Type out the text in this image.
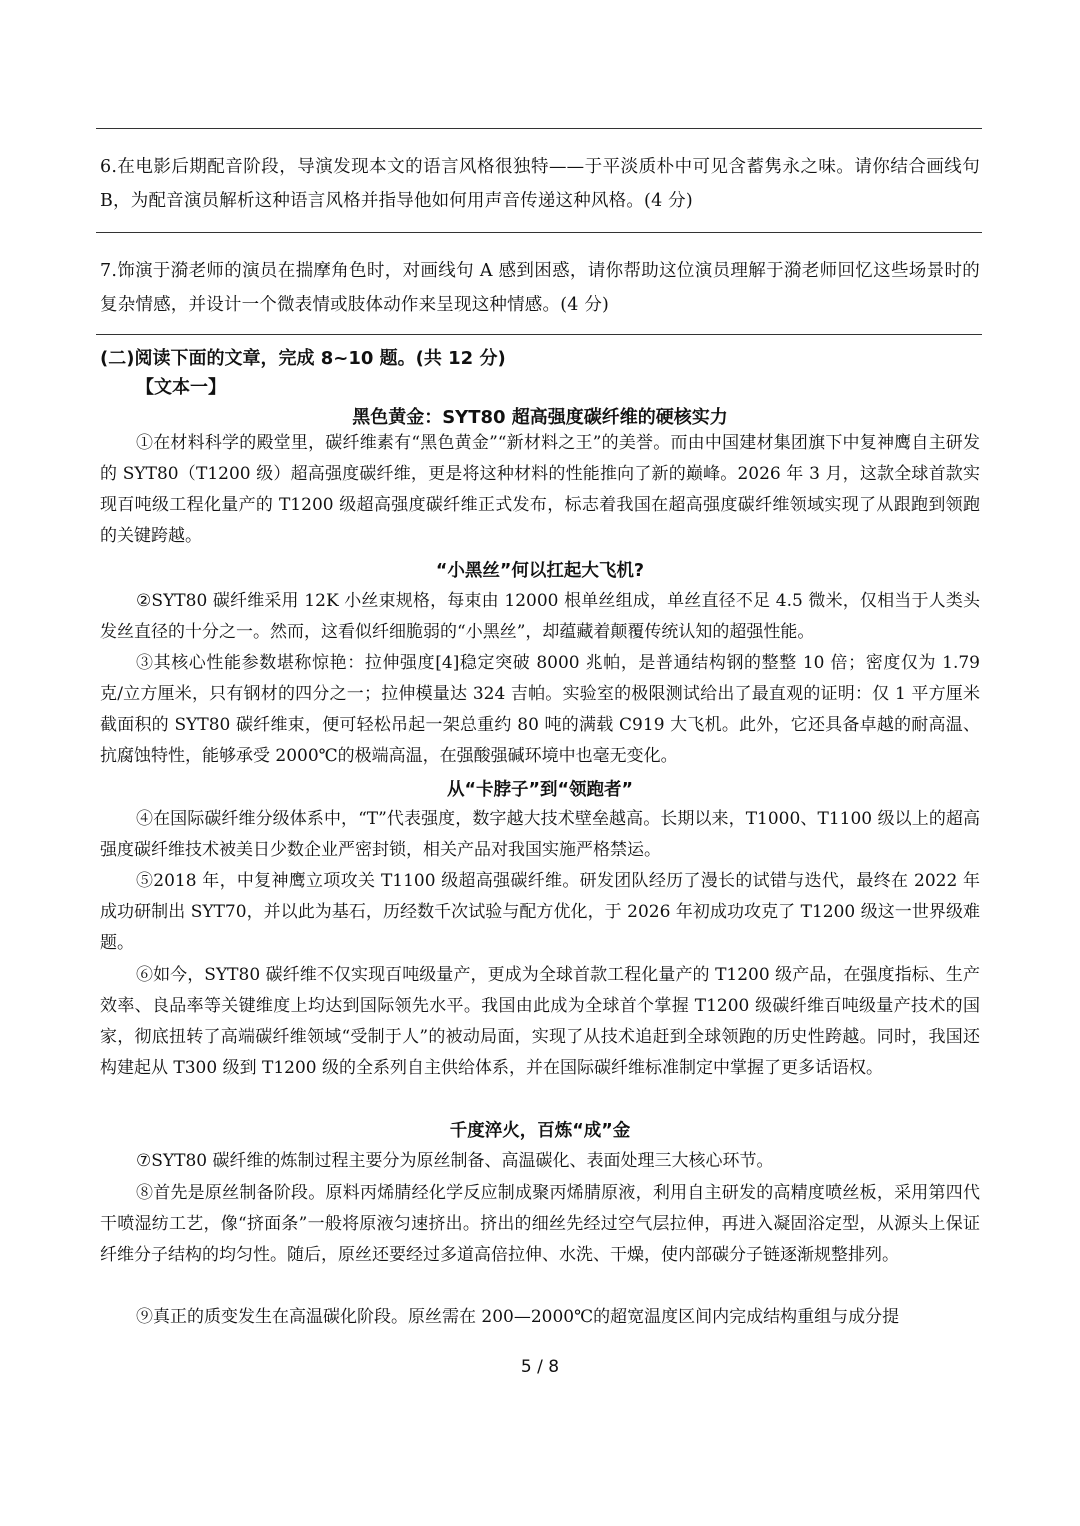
6.在电影后期配音阶段，导演发现本文的语言风格很独特——于平淡质朴中可见含蓄隽永之味。请你结合画线句 B，为配音演员解析这种语言风格并指导他如何用声音传递这种风格。(4 分)
7.饰演于漪老师的演员在揣摩角色时，对画线句 A 感到困惑，请你帮助这位演员理解于漪老师回忆这些场景时的复杂情感，并设计一个微表情或肢体动作来呈现这种情感。(4 分)
(二)阅读下面的文章，完成 8~10 题。(共 12 分)
【文本一】
黑色黄金：SYT80 超高强度碳纤维的硬核实力
①在材料科学的殿堂里，碳纤维素有“黑色黄金”“新材料之王”的美誉。而由中国建材集团旗下中复神鹰自主研发的 SYT80（T1200 级）超高强度碳纤维，更是将这种材料的性能推向了新的巅峰。2026 年 3 月，这款全球首款实现百吨级工程化量产的 T1200 级超高强度碳纤维正式发布，标志着我国在超高强度碳纤维领域实现了从跟跑到领跑的关键跨越。
“小黑丝”何以扛起大飞机?
②SYT80 碳纤维采用 12K 小丝束规格，每束由 12000 根单丝组成，单丝直径不足 4.5 微米，仅相当于人类头发丝直径的十分之一。然而，这看似纤细脆弱的“小黑丝”，却蕴藏着颠覆传统认知的超强性能。
③其核心性能参数堪称惊艳：拉伸强度[4]稳定突破 8000 兆帕，是普通结构钢的整整 10 倍；密度仅为 1.79 克/立方厘米，只有钢材的四分之一；拉伸模量达 324 吉帕。实验室的极限测试给出了最直观的证明：仅 1 平方厘米截面积的 SYT80 碳纤维束，便可轻松吊起一架总重约 80 吨的满载 C919 大飞机。此外，它还具备卓越的耐高温、抗腐蚀特性，能够承受 2000℃的极端高温，在强酸强碱环境中也毫无变化。
从“卡脖子”到“领跑者”
④在国际碳纤维分级体系中，“T”代表强度，数字越大技术壁垒越高。长期以来，T1000、T1100 级以上的超高强度碳纤维技术被美日少数企业严密封锁，相关产品对我国实施严格禁运。
⑤2018 年，中复神鹰立项攻关 T1100 级超高强碳纤维。研发团队经历了漫长的试错与迭代，最终在 2022 年成功研制出 SYT70，并以此为基石，历经数千次试验与配方优化，于 2026 年初成功攻克了 T1200 级这一世界级难题。
⑥如今，SYT80 碳纤维不仅实现百吨级量产，更成为全球首款工程化量产的 T1200 级产品，在强度指标、生产效率、良品率等关键维度上均达到国际领先水平。我国由此成为全球首个掌握 T1200 级碳纤维百吨级量产技术的国家，彻底扭转了高端碳纤维领域“受制于人”的被动局面，实现了从技术追赶到全球领跑的历史性跨越。同时，我国还构建起从 T300 级到 T1200 级的全系列自主供给体系，并在国际碳纤维标准制定中掌握了更多话语权。
千度淬火，百炼“成”金
⑦SYT80 碳纤维的炼制过程主要分为原丝制备、高温碳化、表面处理三大核心环节。
⑧首先是原丝制备阶段。原料丙烯腈经化学反应制成聚丙烯腈原液，利用自主研发的高精度喷丝板，采用第四代干喷湿纺工艺，像“挤面条”一般将原液匀速挤出。挤出的细丝先经过空气层拉伸，再进入凝固浴定型，从源头上保证纤维分子结构的均匀性。随后，原丝还要经过多道高倍拉伸、水洗、干燥，使内部碳分子链逐渐规整排列。
⑨真正的质变发生在高温碳化阶段。原丝需在 200—2000℃的超宽温度区间内完成结构重组与成分提
5 / 8
